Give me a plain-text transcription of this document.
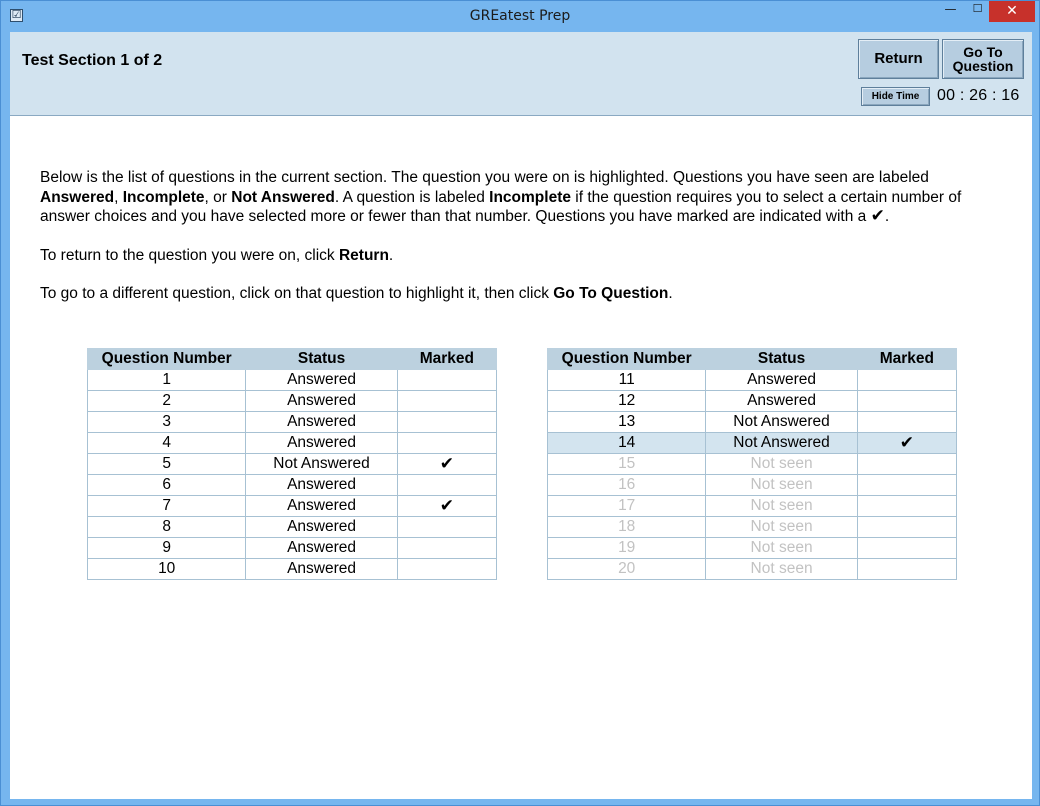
☑	GREatest Prep	—	☐	✕
Test Section 1 of 2	Return	Go To
Question
Hide Time	00 : 26 : 16

Below is the list of questions in the current section. The question you were on is highlighted. Questions you have seen are labeled Answered, Incomplete, or Not Answered. A question is labeled Incomplete if the question requires you to select a certain number of answer choices and you have selected more or fewer than that number. Questions you have marked are indicated with a ✔.

To return to the question you were on, click Return.

To go to a different question, click on that question to highlight it, then click Go To Question.

Question Number	Status	Marked
1	Answered	
2	Answered	
3	Answered	
4	Answered	
5	Not Answered	✔
6	Answered	
7	Answered	✔
8	Answered	
9	Answered	
10	Answered	
Question Number	Status	Marked
11	Answered	
12	Answered	
13	Not Answered	
14	Not Answered	✔
15	Not seen	
16	Not seen	
17	Not seen	
18	Not seen	
19	Not seen	
20	Not seen	
